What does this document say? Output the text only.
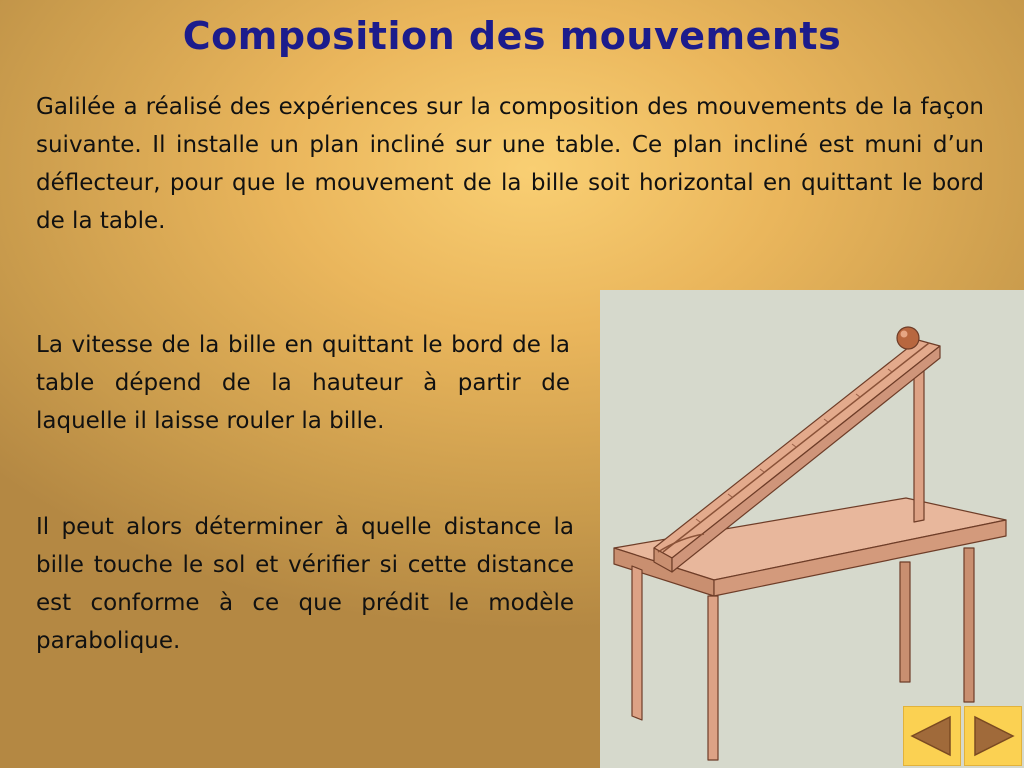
Composition des mouvements

Galilée a réalisé des expériences sur la composition des mouvements de la façon suivante. Il installe un plan incliné sur une table. Ce plan incliné est muni d’un déflecteur, pour que le mouvement de la bille soit horizontal en quittant le bord de la table.

La vitesse de la bille en quittant le bord de la table dépend de la hauteur à partir de laquelle il laisse rouler la bille.

Il peut alors déterminer à quelle distance la bille touche le sol et vérifier si cette distance est conforme à ce que prédit le modèle parabolique.
